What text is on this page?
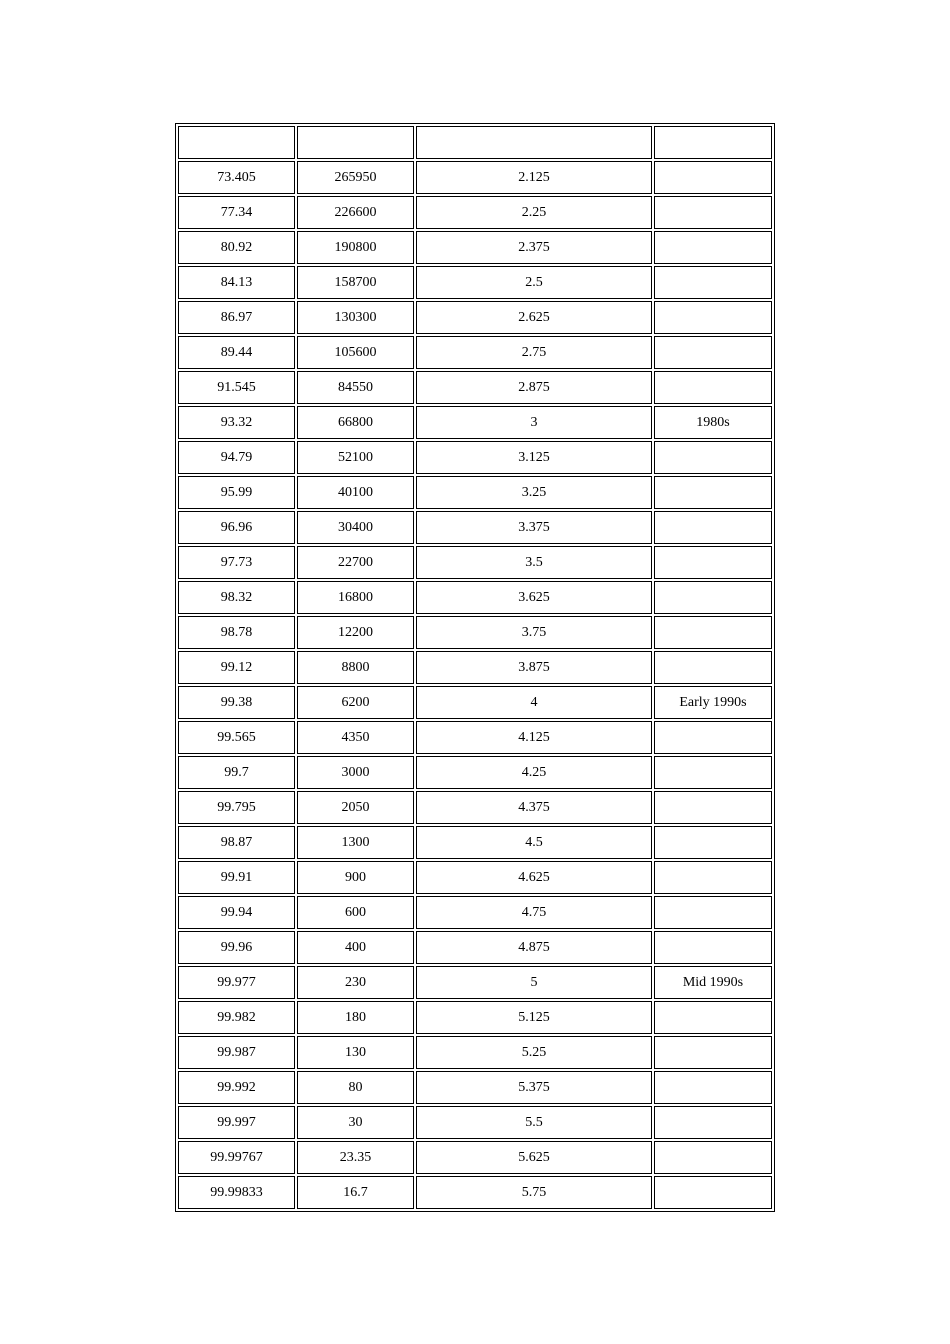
73.405	265950	2.125	
77.34	226600	2.25	
80.92	190800	2.375	
84.13	158700	2.5	
86.97	130300	2.625	
89.44	105600	2.75	
91.545	84550	2.875	
93.32	66800	3	1980s
94.79	52100	3.125	
95.99	40100	3.25	
96.96	30400	3.375	
97.73	22700	3.5	
98.32	16800	3.625	
98.78	12200	3.75	
99.12	8800	3.875	
99.38	6200	4	Early 1990s
99.565	4350	4.125	
99.7	3000	4.25	
99.795	2050	4.375	
98.87	1300	4.5	
99.91	900	4.625	
99.94	600	4.75	
99.96	400	4.875	
99.977	230	5	Mid 1990s
99.982	180	5.125	
99.987	130	5.25	
99.992	80	5.375	
99.997	30	5.5	
99.99767	23.35	5.625	
99.99833	16.7	5.75	
